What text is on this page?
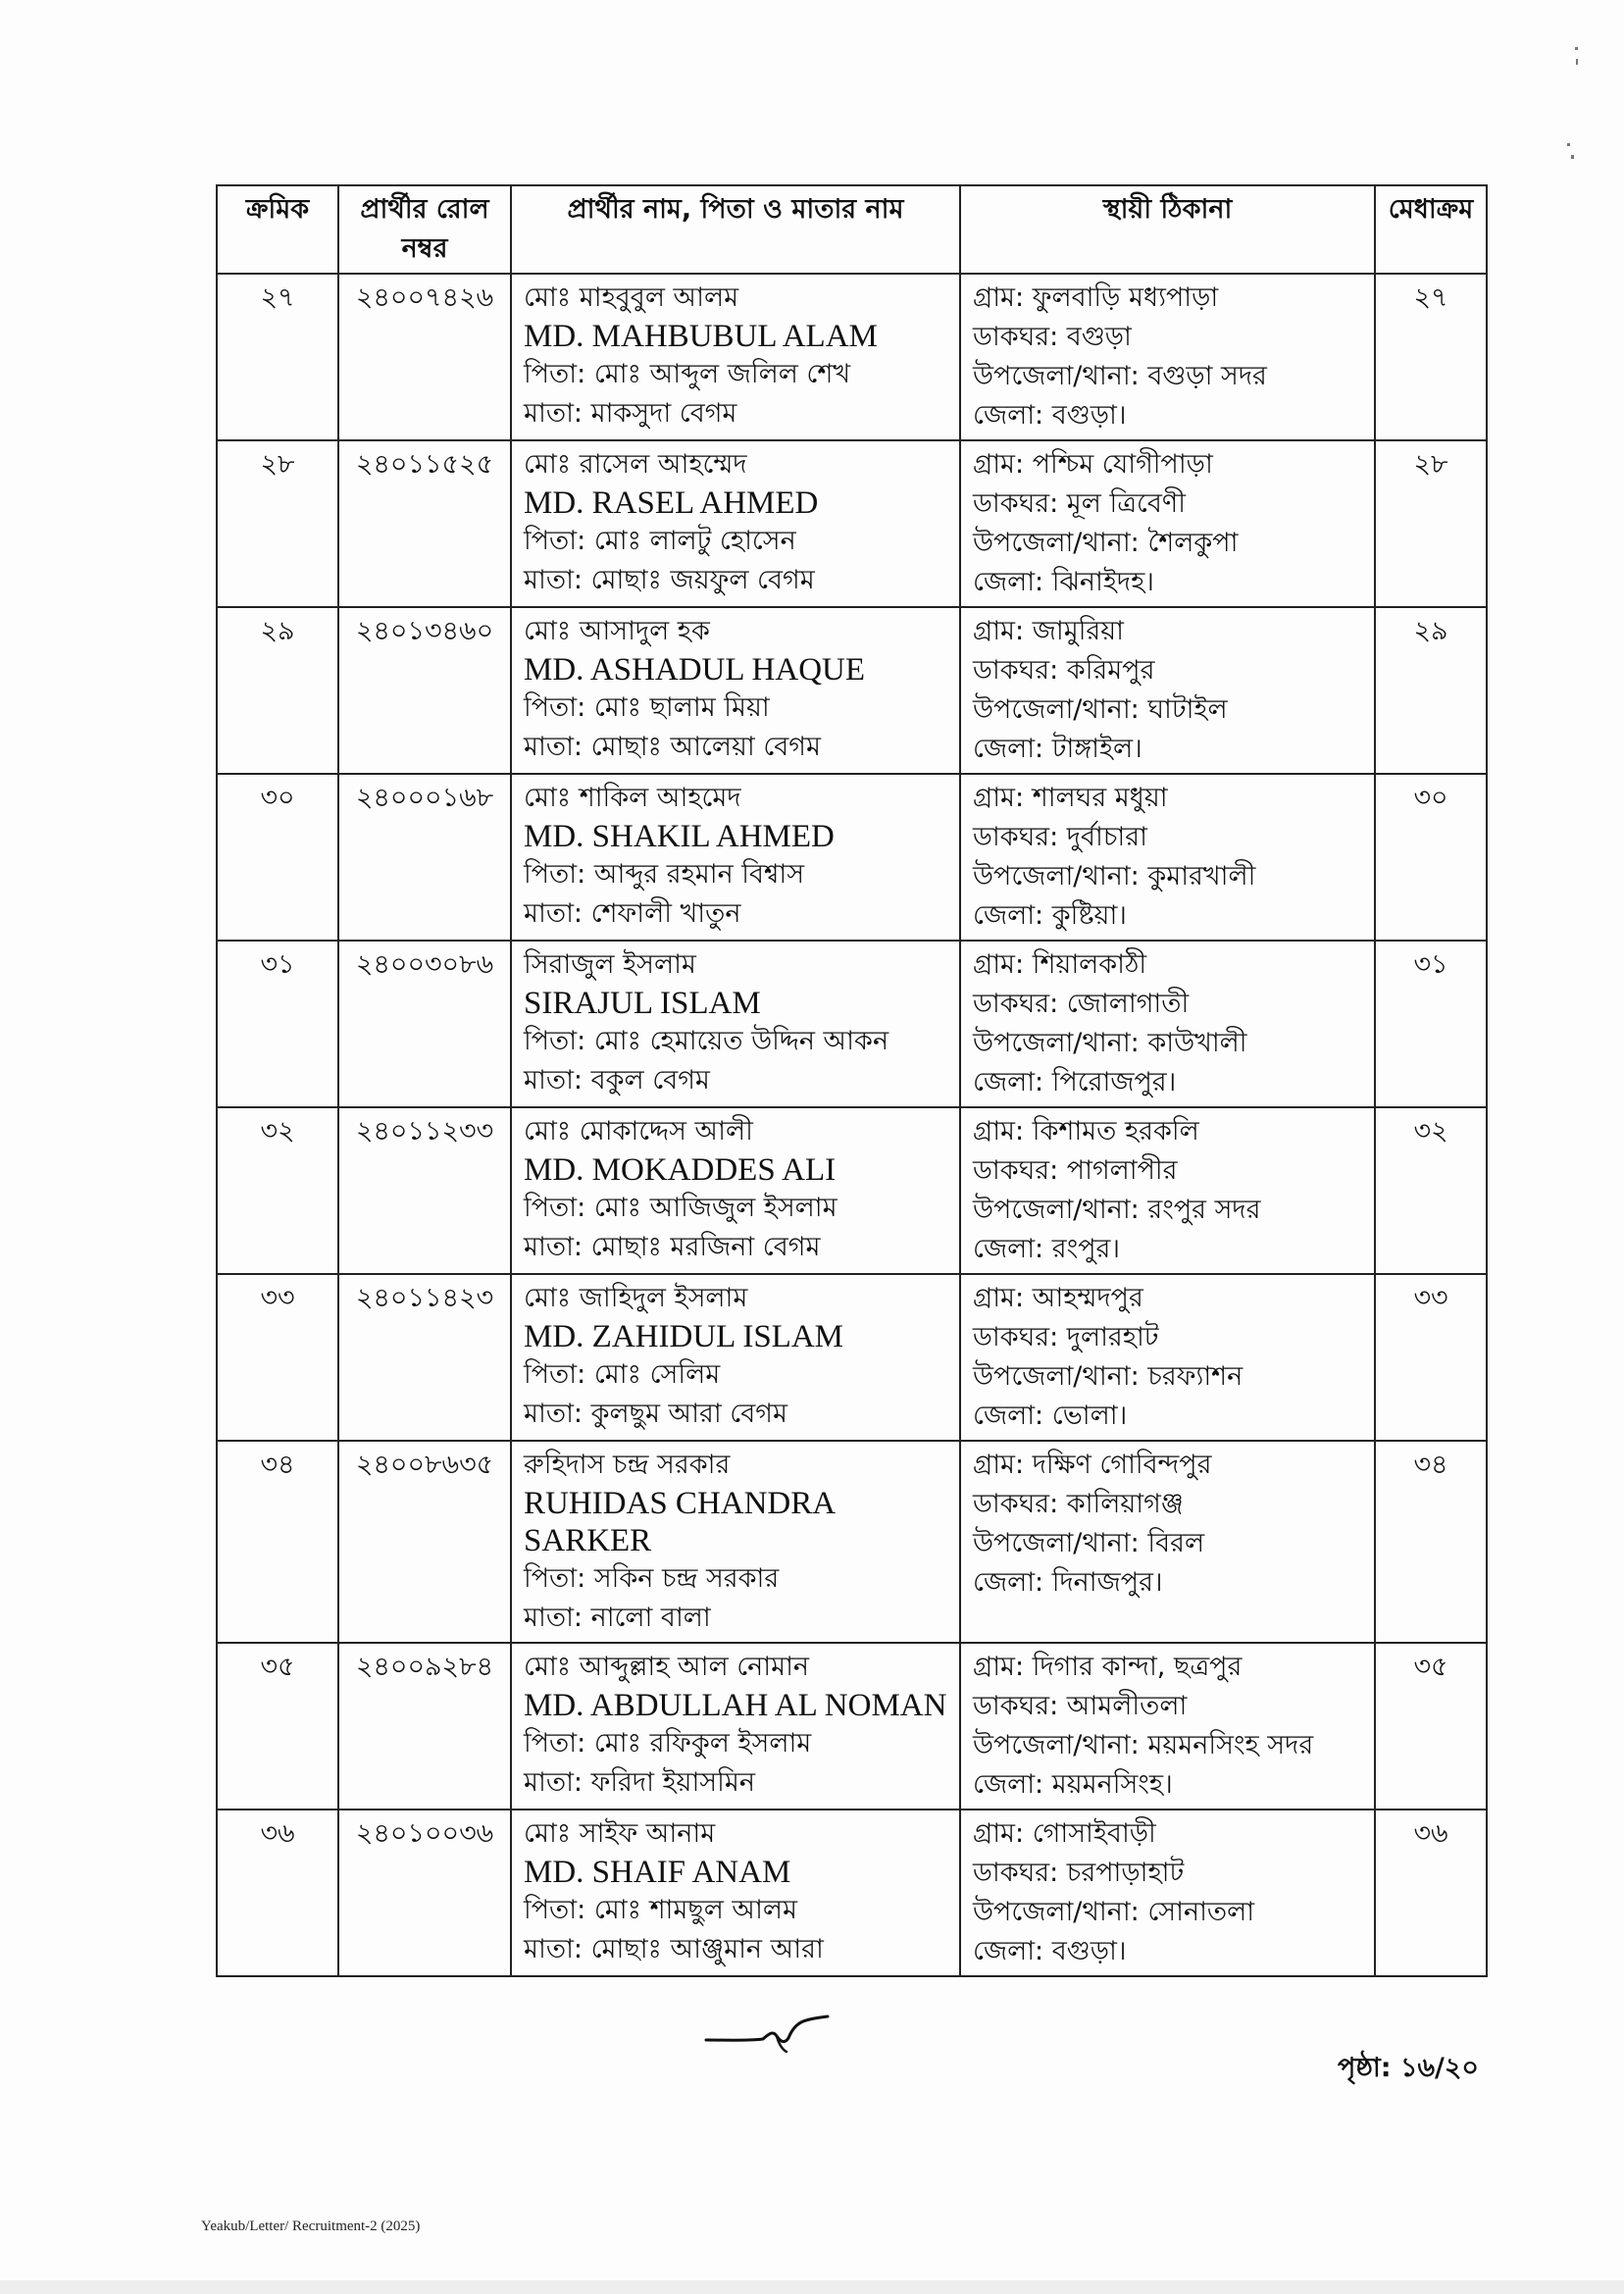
ক্রমিক	প্রার্থীর রোল নম্বর	প্রার্থীর নাম, পিতা ও মাতার নাম	স্থায়ী ঠিকানা	মেধাক্রম
২৭	২৪০০৭৪২৬	মোঃ মাহবুবুল আলম
MD. MAHBUBUL ALAM
পিতা: মোঃ আব্দুল জলিল শেখ
মাতা: মাকসুদা বেগম	গ্রাম: ফুলবাড়ি মধ্যপাড়া
ডাকঘর: বগুড়া
উপজেলা/থানা: বগুড়া সদর
জেলা: বগুড়া।	২৭
২৮	২৪০১১৫২৫	মোঃ রাসেল আহম্মেদ
MD. RASEL AHMED
পিতা: মোঃ লালটু হোসেন
মাতা: মোছাঃ জয়ফুল বেগম	গ্রাম: পশ্চিম যোগীপাড়া
ডাকঘর: মূল ত্রিবেণী
উপজেলা/থানা: শৈলকুপা
জেলা: ঝিনাইদহ।	২৮
২৯	২৪০১৩৪৬০	মোঃ আসাদুল হক
MD. ASHADUL HAQUE
পিতা: মোঃ ছালাম মিয়া
মাতা: মোছাঃ আলেয়া বেগম	গ্রাম: জামুরিয়া
ডাকঘর: করিমপুর
উপজেলা/থানা: ঘাটাইল
জেলা: টাঙ্গাইল।	২৯
৩০	২৪০০০১৬৮	মোঃ শাকিল আহমেদ
MD. SHAKIL AHMED
পিতা: আব্দুর রহমান বিশ্বাস
মাতা: শেফালী খাতুন	গ্রাম: শালঘর মধুয়া
ডাকঘর: দুর্বাচারা
উপজেলা/থানা: কুমারখালী
জেলা: কুষ্টিয়া।	৩০
৩১	২৪০০৩০৮৬	সিরাজুল ইসলাম
SIRAJUL ISLAM
পিতা: মোঃ হেমায়েত উদ্দিন আকন
মাতা: বকুল বেগম	গ্রাম: শিয়ালকাঠী
ডাকঘর: জোলাগাতী
উপজেলা/থানা: কাউখালী
জেলা: পিরোজপুর।	৩১
৩২	২৪০১১২৩৩	মোঃ মোকাদ্দেস আলী
MD. MOKADDES ALI
পিতা: মোঃ আজিজুল ইসলাম
মাতা: মোছাঃ মরজিনা বেগম	গ্রাম: কিশামত হরকলি
ডাকঘর: পাগলাপীর
উপজেলা/থানা: রংপুর সদর
জেলা: রংপুর।	৩২
৩৩	২৪০১১৪২৩	মোঃ জাহিদুল ইসলাম
MD. ZAHIDUL ISLAM
পিতা: মোঃ সেলিম
মাতা: কুলছুম আরা বেগম	গ্রাম: আহম্মদপুর
ডাকঘর: দুলারহাট
উপজেলা/থানা: চরফ্যাশন
জেলা: ভোলা।	৩৩
৩৪	২৪০০৮৬৩৫	রুহিদাস চন্দ্র সরকার
RUHIDAS CHANDRA SARKER
পিতা: সকিন চন্দ্র সরকার
মাতা: নালো বালা	গ্রাম: দক্ষিণ গোবিন্দপুর
ডাকঘর: কালিয়াগঞ্জ
উপজেলা/থানা: বিরল
জেলা: দিনাজপুর।	৩৪
৩৫	২৪০০৯২৮৪	মোঃ আব্দুল্লাহ আল নোমান
MD. ABDULLAH AL NOMAN
পিতা: মোঃ রফিকুল ইসলাম
মাতা: ফরিদা ইয়াসমিন	গ্রাম: দিগার কান্দা, ছত্রপুর
ডাকঘর: আমলীতলা
উপজেলা/থানা: ময়মনসিংহ সদর
জেলা: ময়মনসিংহ।	৩৫
৩৬	২৪০১০০৩৬	মোঃ সাইফ আনাম
MD. SHAIF ANAM
পিতা: মোঃ শামছুল আলম
মাতা: মোছাঃ আঞ্জুমান আরা	গ্রাম: গোসাইবাড়ী
ডাকঘর: চরপাড়াহাট
উপজেলা/থানা: সোনাতলা
জেলা: বগুড়া।	৩৬
পৃষ্ঠা: ১৬/২০
Yeakub/Letter/ Recruitment-2 (2025)
